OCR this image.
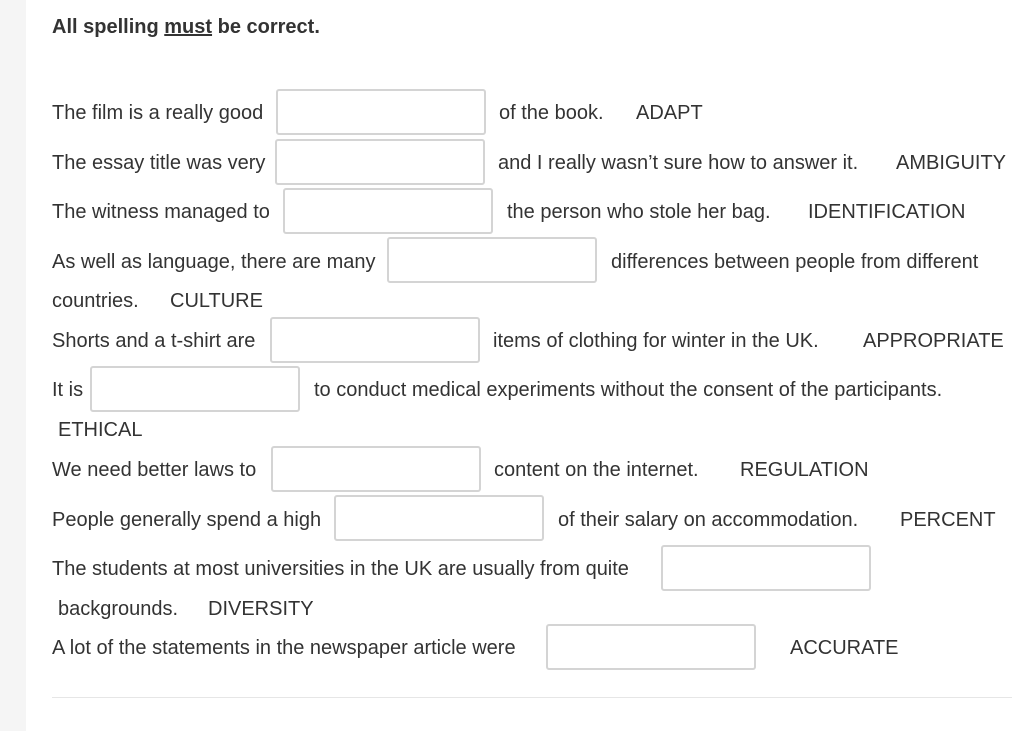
All spelling must be correct.
The film is a really good	of the book. ADAPT
The essay title was very	and I really wasn’t sure how to answer it. AMBIGUITY
The witness managed to	the person who stole her bag. IDENTIFICATION
As well as language, there are many	differences between people from different
countries. CULTURE
Shorts and a t-shirt are	items of clothing for winter in the UK. APPROPRIATE
It is	to conduct medical experiments without the consent of the participants.
ETHICAL
We need better laws to	content on the internet. REGULATION
People generally spend a high	of their salary on accommodation. PERCENT
The students at most universities in the UK are usually from quite
backgrounds. DIVERSITY
A lot of the statements in the newspaper article were	ACCURATE
